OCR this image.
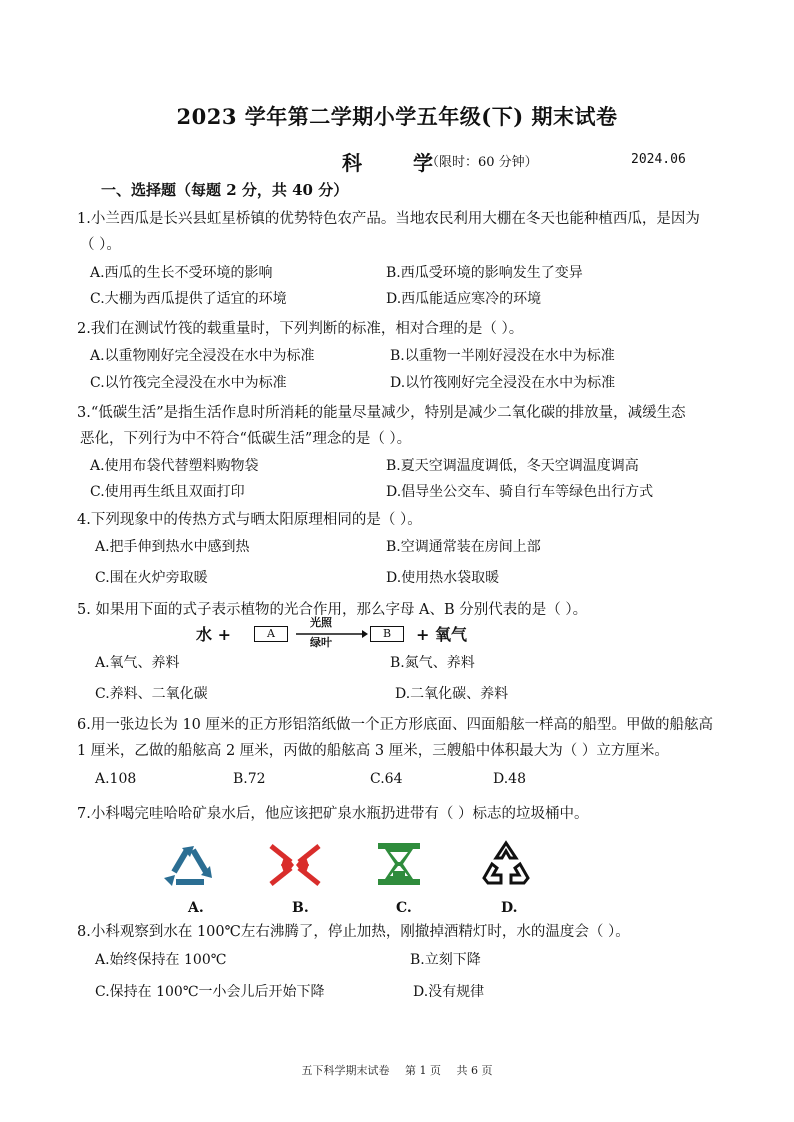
2023 学年第二学期小学五年级(下) 期末试卷
科 学
（限时：60 分钟）	2024.06
一、选择题（每题 2 分，共 40 分）
1.小兰西瓜是长兴县虹星桥镇的优势特色农产品。当地农民利用大棚在冬天也能种植西瓜，是因为
（ ）。
A.西瓜的生长不受环境的影响	B.西瓜受环境的影响发生了变异
C.大棚为西瓜提供了适宜的环境	D.西瓜能适应寒冷的环境
2.我们在测试竹筏的载重量时，下列判断的标准，相对合理的是（ ）。
A.以重物刚好完全浸没在水中为标准	B.以重物一半刚好浸没在水中为标准
C.以竹筏完全浸没在水中为标准	D.以竹筏刚好完全浸没在水中为标准
3.“低碳生活”是指生活作息时所消耗的能量尽量减少，特别是减少二氧化碳的排放量，减缓生态
恶化，下列行为中不符合“低碳生活”理念的是（ ）。
A.使用布袋代替塑料购物袋	B.夏天空调温度调低，冬天空调温度调高
C.使用再生纸且双面打印	D.倡导坐公交车、骑自行车等绿色出行方式
4.下列现象中的传热方式与晒太阳原理相同的是（ ）。
A.把手伸到热水中感到热	B.空调通常装在房间上部
C.围在火炉旁取暖	D.使用热水袋取暖
5. 如果用下面的式子表示植物的光合作用，那么字母 A、B 分别代表的是（ ）。
水 +	A
光照
绿叶
B	+ 氧气
A.氧气、养料	B.氮气、养料
C.养料、二氧化碳	D.二氧化碳、养料
6.用一张边长为 10 厘米的正方形铝箔纸做一个正方形底面、四面船舷一样高的船型。甲做的船舷高
1 厘米，乙做的船舷高 2 厘米，丙做的船舷高 3 厘米，三艘船中体积最大为（ ）立方厘米。
A.108	B.72	C.64	D.48
7.小科喝完哇哈哈矿泉水后，他应该把矿泉水瓶扔进带有（ ）标志的垃圾桶中。
A.	B.	C.	D.
8.小科观察到水在 100℃左右沸腾了，停止加热，刚撤掉酒精灯时，水的温度会（ ）。
A.始终保持在 100℃	B.立刻下降
C.保持在 100℃一小会儿后开始下降	D.没有规律
五下科学期末试卷 第 1 页 共 6 页
